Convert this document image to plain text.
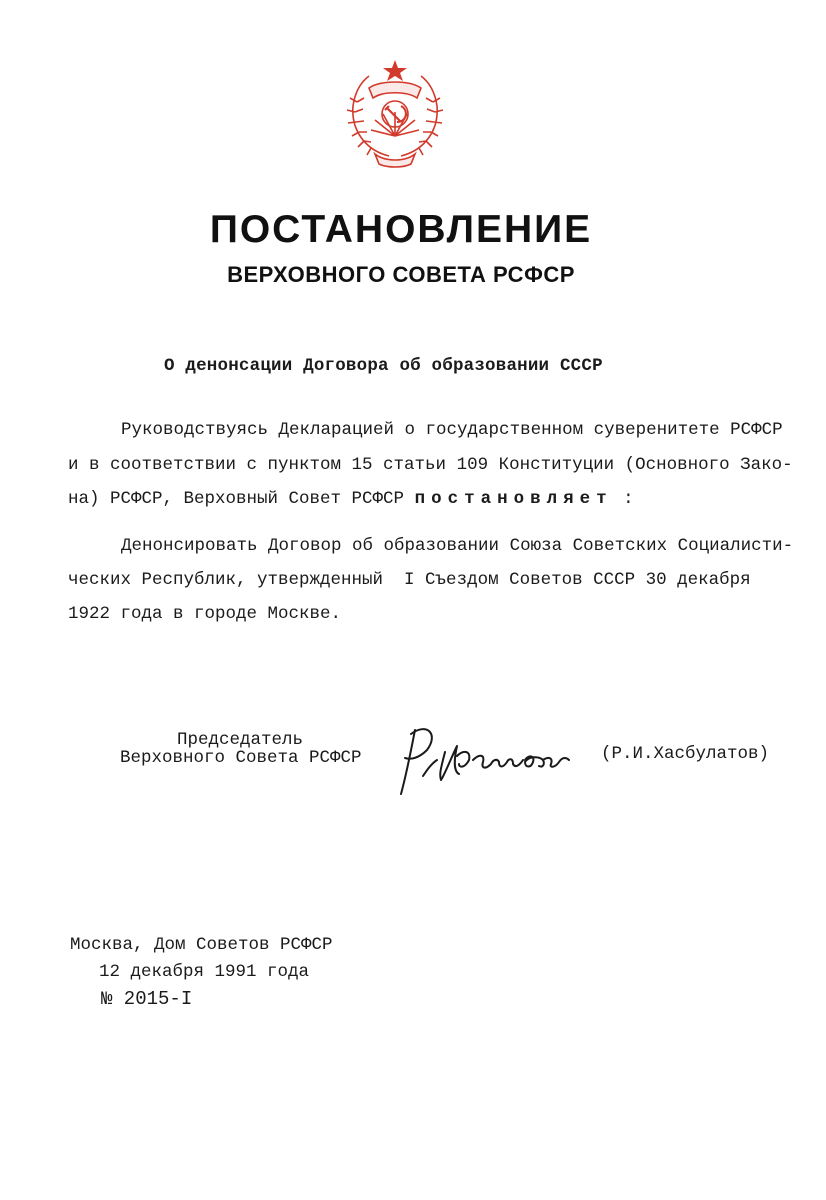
ПОСТАНОВЛЕНИЕ
ВЕРХОВНОГО СОВЕТА РСФСР
О денонсации Договора об образовании СССР
Руководствуясь Декларацией о государственном суверенитете РСФСР
и в соответствии с пунктом 15 статьи 109 Конституции (Основного Зако-
на) РСФСР, Верховный Совет РСФСР постановляет :
Денонсировать Договор об образовании Союза Советских Социалисти-
ческих Республик, утвержденный  I Съездом Советов СССР 30 декабря
1922 года в городе Москве.
Председатель
Верховного Совета РСФСР	(Р.И.Хасбулатов)
Москва, Дом Советов РСФСР
12 декабря 1991 года
№ 2015-I
